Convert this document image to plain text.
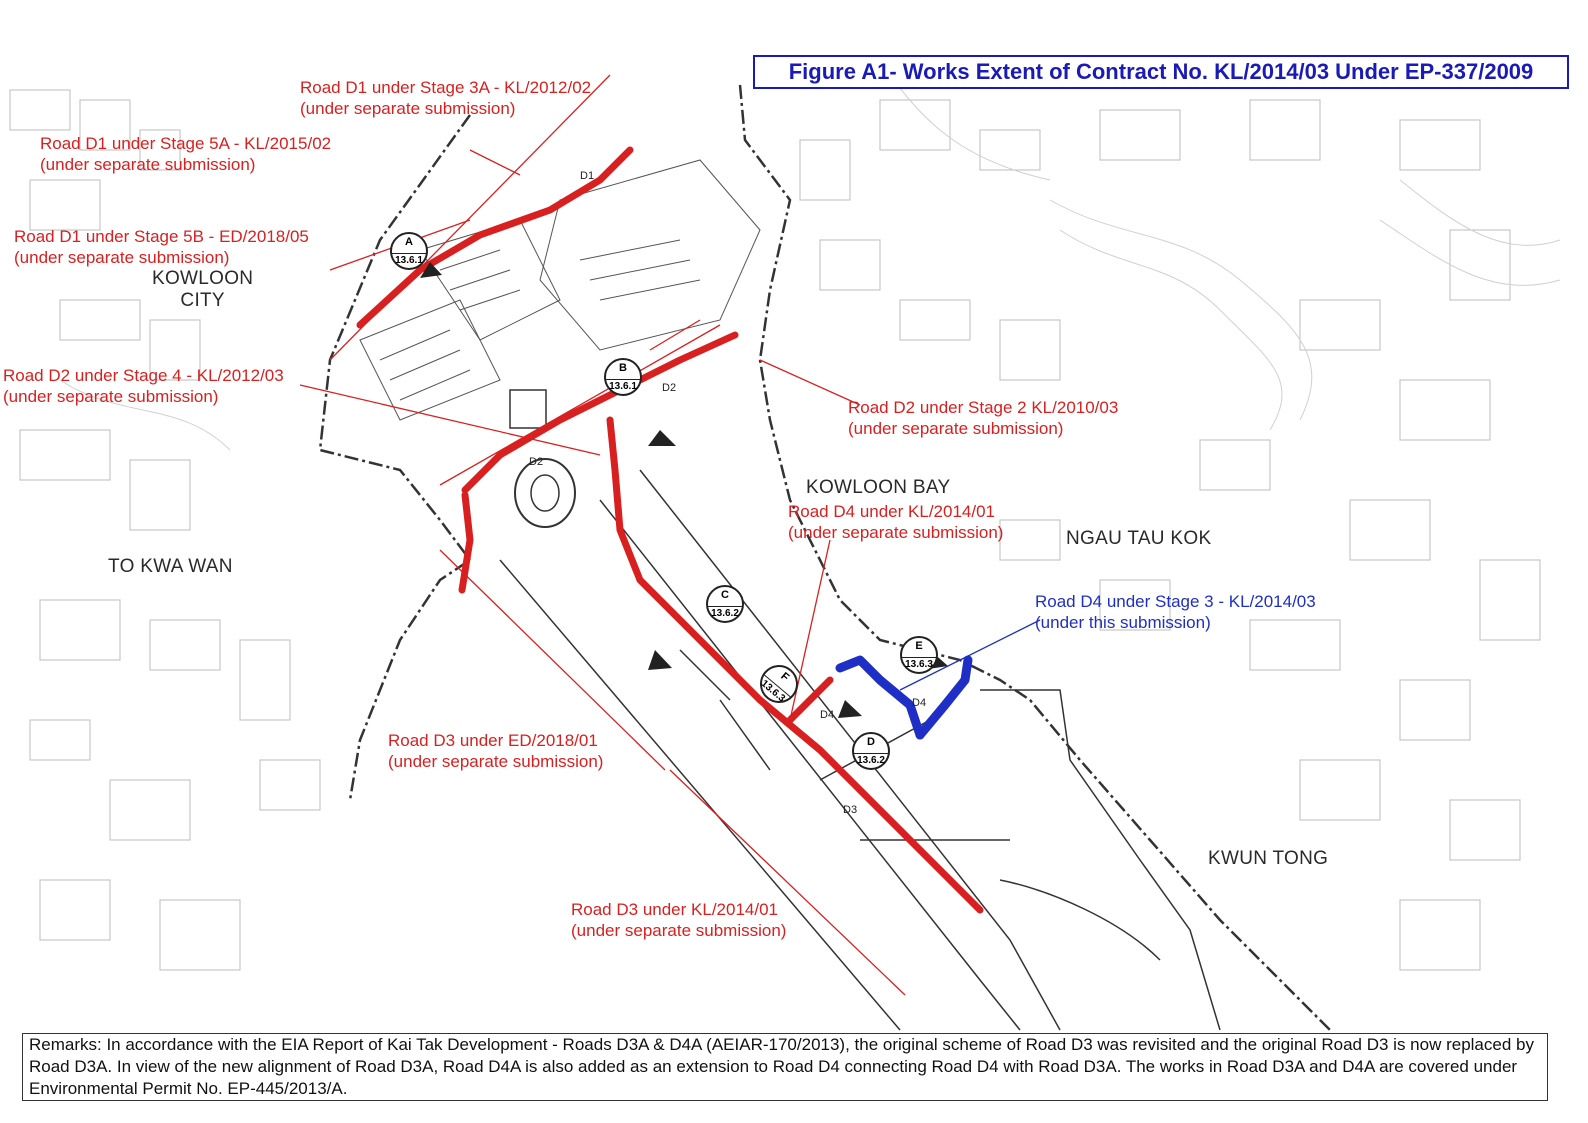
D1
D2
D2
D3
D4
D4
A
13.6.1
B
13.6.1
C
13.6.2
D
13.6.2
E
13.6.3
F
13.6.3
Figure A1- Works Extent of Contract No. KL/2014/03 Under EP-337/2009
Road D1 under Stage 3A - KL/2012/02
(under separate submission)
Road D1 under Stage 5A - KL/2015/02
(under separate submission)
Road D1 under Stage 5B - ED/2018/05
(under separate submission)
Road D2 under Stage 4 - KL/2012/03
(under separate submission)
Road D2 under Stage 2 KL/2010/03
(under separate submission)
Road D4 under KL/2014/01
(under separate submission)
Road D4 under Stage 3 - KL/2014/03
(under this submission)
Road D3 under ED/2018/01
(under separate submission)
Road D3 under KL/2014/01
(under separate submission)
KOWLOON
CITY
TO KWA WAN
KOWLOON BAY
NGAU TAU KOK
KWUN TONG
Remarks: In accordance with the EIA Report of Kai Tak Development - Roads D3A & D4A (AEIAR-170/2013), the original scheme of Road D3 was revisited and the original Road D3 is now replaced by Road D3A. In view of the new alignment of Road D3A, Road D4A is also added as an extension to Road D4 connecting Road D4 with Road D3A. The works in Road D3A and D4A are covered under Environmental Permit No. EP-445/2013/A.
